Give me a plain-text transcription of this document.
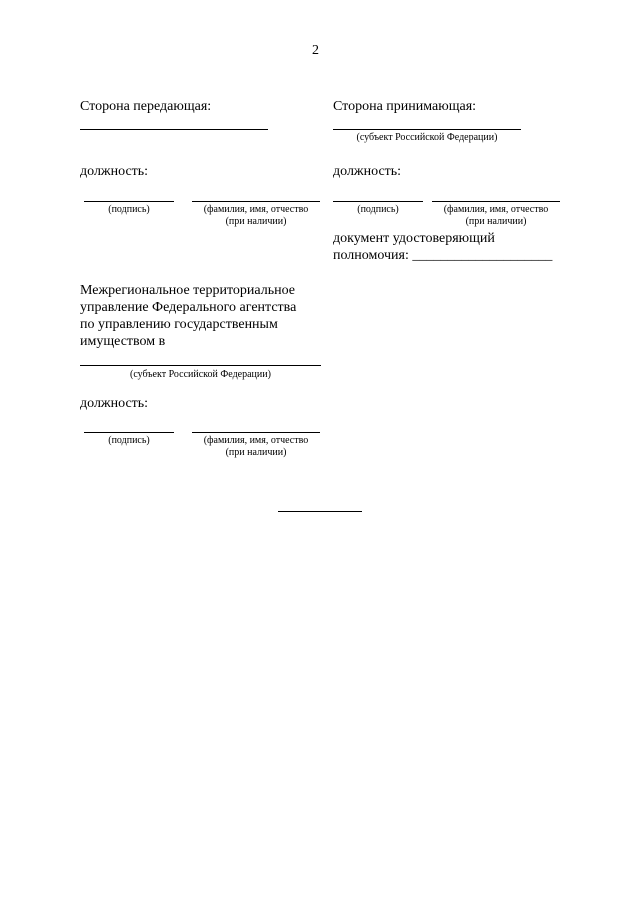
2
Сторона передающая:
должность:
(подпись)	(фамилия, имя, отчество
(при наличии)
Сторона принимающая:
(субъект Российской Федерации)
должность:
(подпись)	(фамилия, имя, отчество
(при наличии)
документ удостоверяющий
полномочия: ____________________
Межрегиональное территориальное
управление Федерального агентства
по управлению государственным
имуществом в
(субъект Российской Федерации)
должность:
(подпись)	(фамилия, имя, отчество
(при наличии)
